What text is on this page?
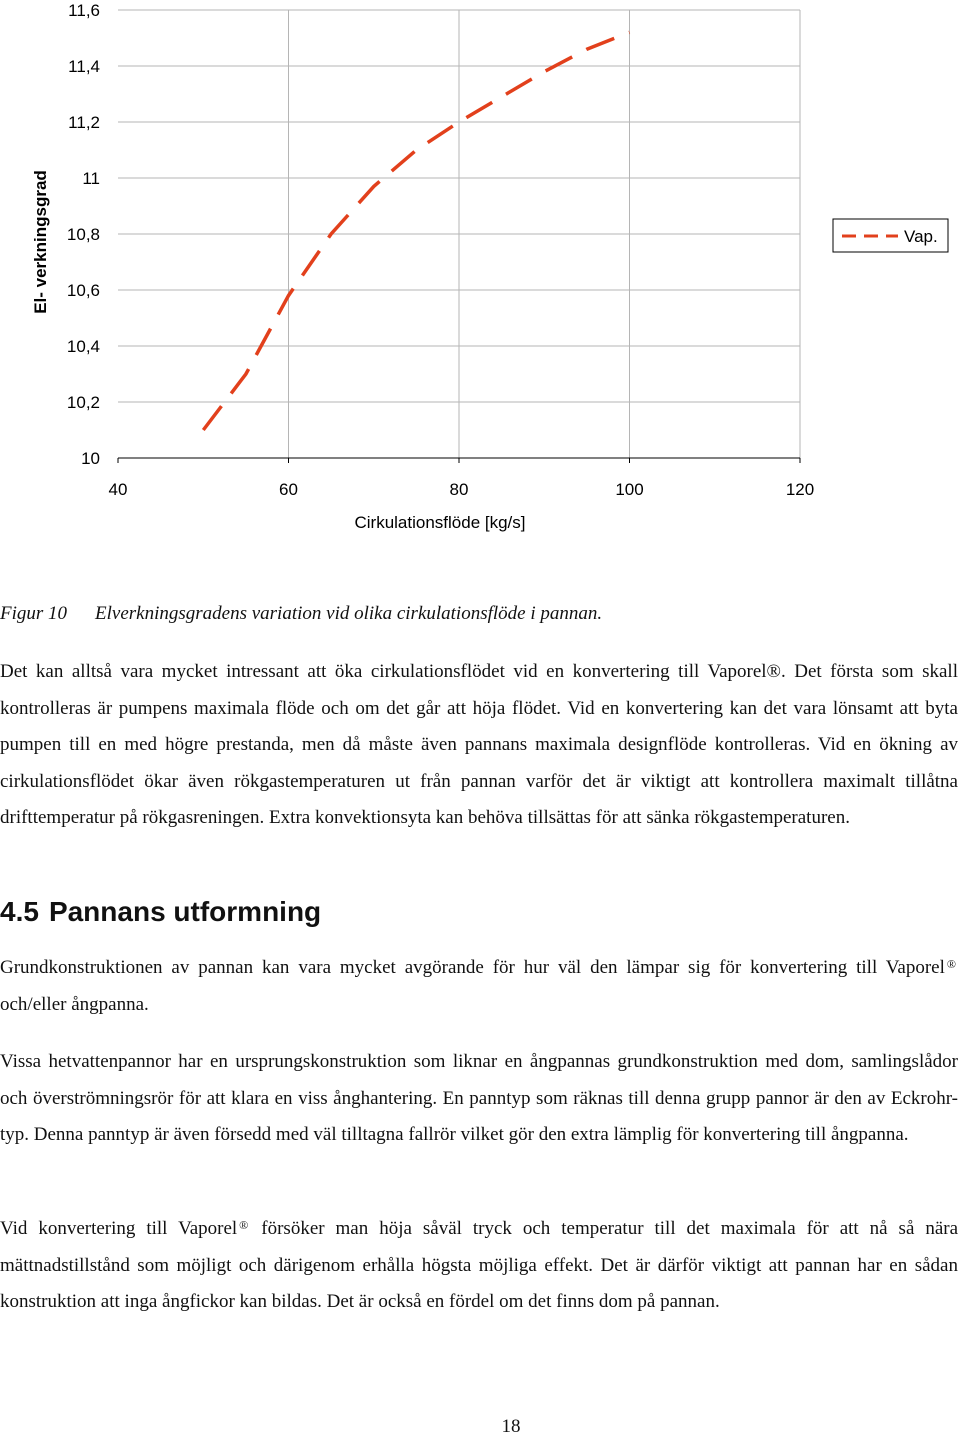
10
10,2
10,4
10,6
10,8
11
11,2
11,4
11,6
40	60	80	100	120
El- verkningsgrad
Cirkulationsflöde [kg/s]
Vap.
Figur 10 Elverkningsgradens variation vid olika cirkulationsflöde i pannan.

Det kan alltså vara mycket intressant att öka cirkulationsflödet vid en konvertering till Vaporel®. Det första som skall kontrolleras är pumpens maximala flöde och om det går att höja flödet. Vid en konvertering kan det vara lönsamt att byta pumpen till en med högre prestanda, men då måste även pannans maximala designflöde kontrolleras. Vid en ökning av cirkulationsflödet ökar även rökgastemperaturen ut från pannan varför det är viktigt att kontrollera maximalt tillåtna drifttemperatur på rökgasreningen. Extra konvektionsyta kan behöva tillsättas för att sänka rökgastemperaturen.

4.5 Pannans utformning

Grundkonstruktionen av pannan kan vara mycket avgörande för hur väl den lämpar sig för konvertering till Vaporel ® och/eller ångpanna.

Vissa hetvattenpannor har en ursprungskonstruktion som liknar en ångpannas grundkonstruktion med dom, samlingslådor och överströmningsrör för att klara en viss ånghantering. En panntyp som räknas till denna grupp pannor är den av Eckrohr-typ. Denna panntyp är även försedd med väl tilltagna fallrör vilket gör den extra lämplig för konvertering till ångpanna.

Vid konvertering till Vaporel ® försöker man höja såväl tryck och temperatur till det maximala för att nå så nära mättnadstillstånd som möjligt och därigenom erhålla högsta möjliga effekt. Det är därför viktigt att pannan har en sådan konstruktion att inga ångfickor kan bildas. Det är också en fördel om det finns dom på pannan.

18
